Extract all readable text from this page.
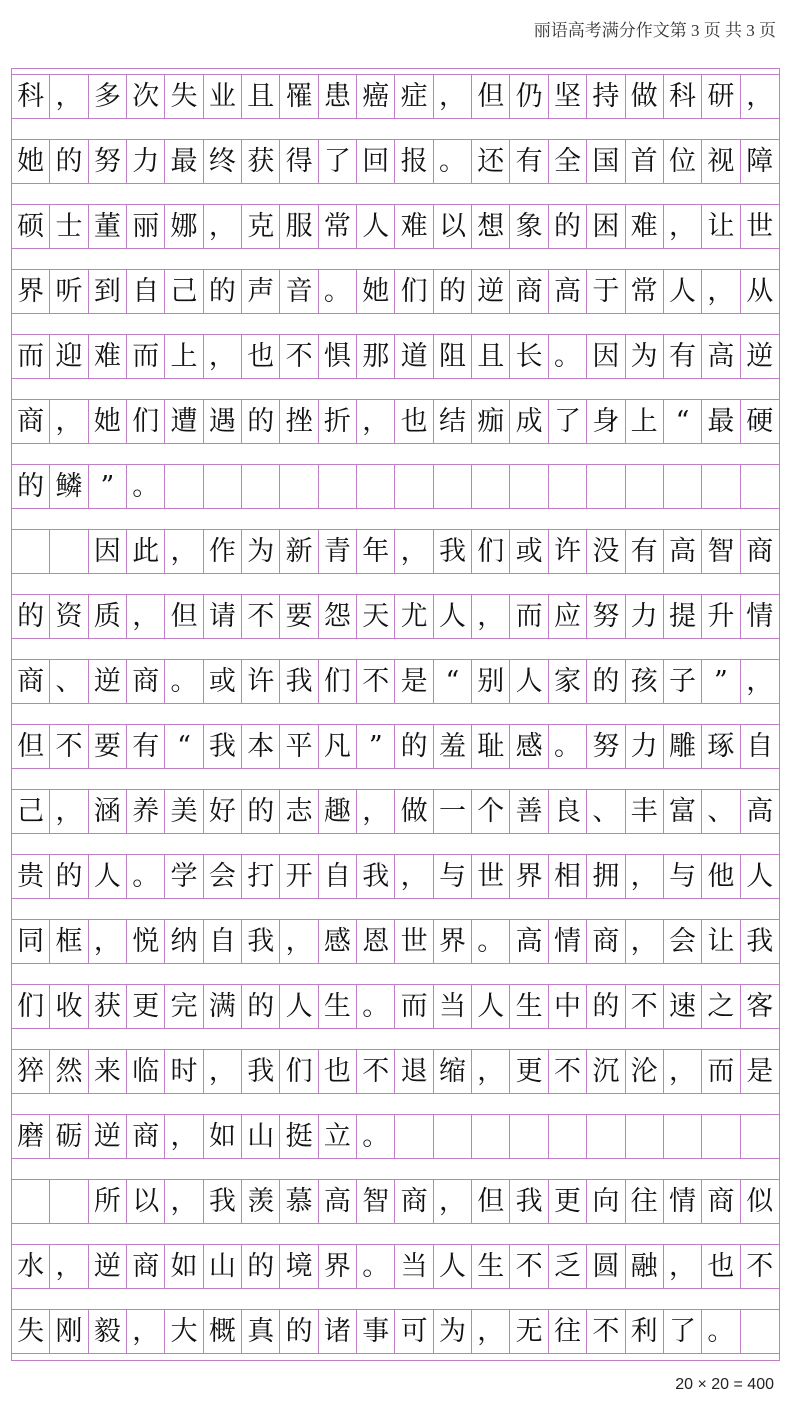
丽语高考满分作文第 3 页 共 3 页
科 ， 多 次 失 业 且 罹 患 癌 症 ， 但 仍 坚 持 做 科 研 ，
她 的 努 力 最 终 获 得 了 回 报 。 还 有 全 国 首 位 视 障
硕 士 董 丽 娜 ， 克 服 常 人 难 以 想 象 的 困 难 ， 让 世
界 听 到 自 己 的 声 音 。 她 们 的 逆 商 高 于 常 人 ， 从
而 迎 难 而 上 ， 也 不 惧 那 道 阻 且 长 。 因 为 有 高 逆
商 ， 她 们 遭 遇 的 挫 折 ， 也 结 痂 成 了 身 上 “ 最 硬
的 鳞 ” 。
因 此 ， 作 为 新 青 年 ， 我 们 或 许 没 有 高 智 商
的 资 质 ， 但 请 不 要 怨 天 尤 人 ， 而 应 努 力 提 升 情
商 、 逆 商 。 或 许 我 们 不 是 “ 别 人 家 的 孩 子 ” ，
但 不 要 有 “ 我 本 平 凡 ” 的 羞 耻 感 。 努 力 雕 琢 自
己 ， 涵 养 美 好 的 志 趣 ， 做 一 个 善 良 、 丰 富 、 高
贵 的 人 。 学 会 打 开 自 我 ， 与 世 界 相 拥 ， 与 他 人
同 框 ， 悦 纳 自 我 ， 感 恩 世 界 。 高 情 商 ， 会 让 我
们 收 获 更 完 满 的 人 生 。 而 当 人 生 中 的 不 速 之 客
猝 然 来 临 时 ， 我 们 也 不 退 缩 ， 更 不 沉 沦 ， 而 是
磨 砺 逆 商 ， 如 山 挺 立 。
所 以 ， 我 羡 慕 高 智 商 ， 但 我 更 向 往 情 商 似
水 ， 逆 商 如 山 的 境 界 。 当 人 生 不 乏 圆 融 ， 也 不
失 刚 毅 ， 大 概 真 的 诸 事 可 为 ， 无 往 不 利 了 。
20 × 20 = 400
